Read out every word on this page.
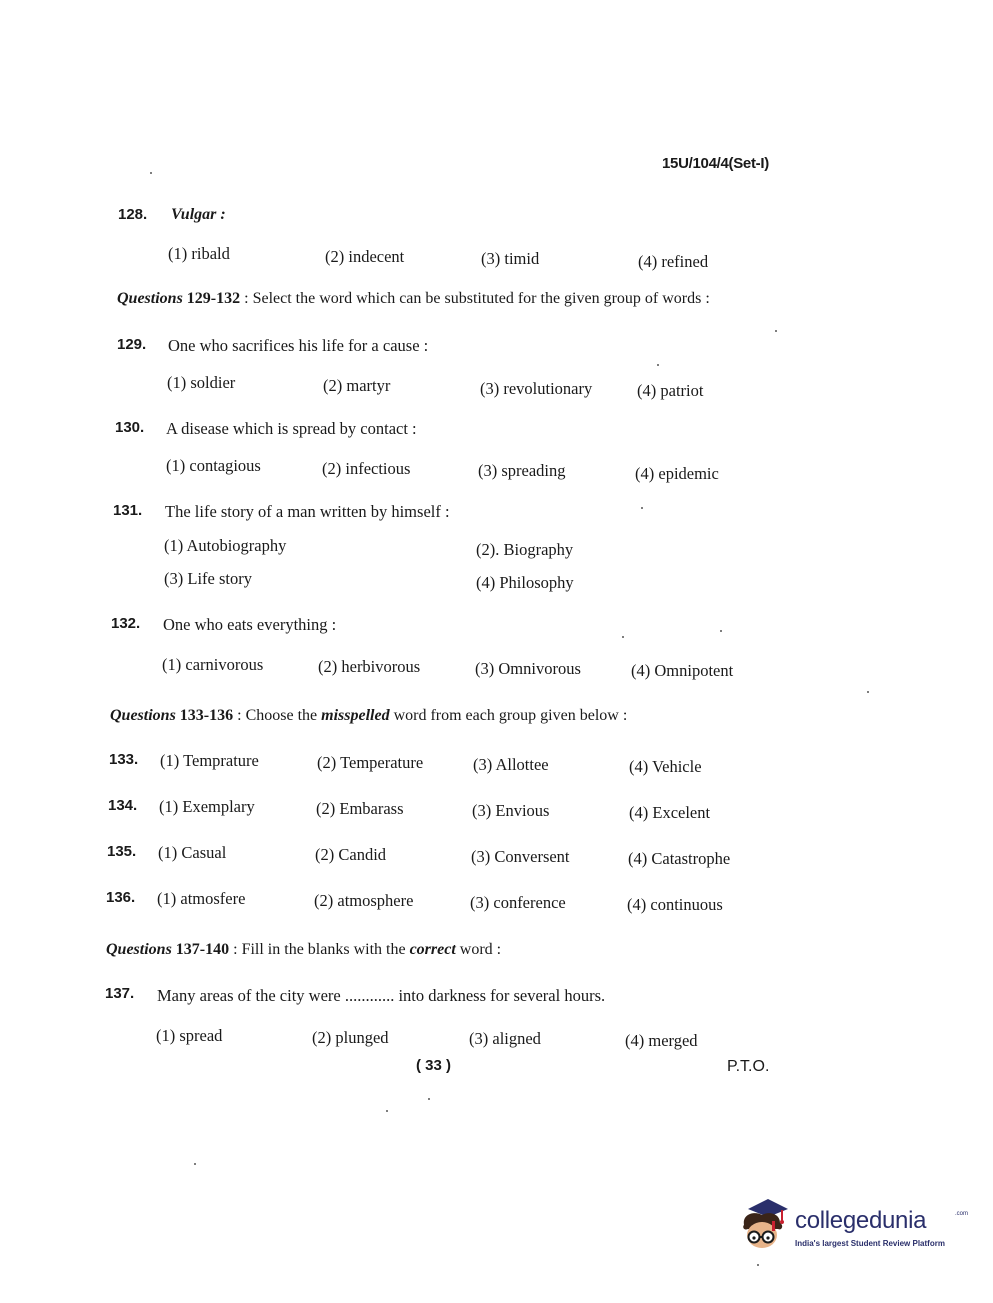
15U/104/4(Set-I)
128. Vulgar :
(1) ribald	(2) indecent	(3) timid	(4) refined
Questions 129-132 : Select the word which can be substituted for the given group of words :
129. One who sacrifices his life for a cause :
(1) soldier	(2) martyr	(3) revolutionary	(4) patriot
130. A disease which is spread by contact :
(1) contagious	(2) infectious	(3) spreading	(4) epidemic
131. The life story of a man written by himself :
(1) Autobiography	(2). Biography
(3) Life story	(4) Philosophy
132. One who eats everything :
(1) carnivorous	(2) herbivorous	(3) Omnivorous	(4) Omnipotent
Questions 133-136 : Choose the misspelled word from each group given below :
133. (1) Temprature	(2) Temperature	(3) Allottee	(4) Vehicle
134. (1) Exemplary	(2) Embarass	(3) Envious	(4) Excelent
135. (1) Casual	(2) Candid	(3) Conversent	(4) Catastrophe
136. (1) atmosfere	(2) atmosphere	(3) conference	(4) continuous
Questions 137-140 : Fill in the blanks with the correct word :
137. Many areas of the city were ............ into darkness for several hours.
(1) spread	(2) plunged	(3) aligned	(4) merged
( 33 )	P.T.O.
collegedunia	.com
India's largest Student Review Platform
